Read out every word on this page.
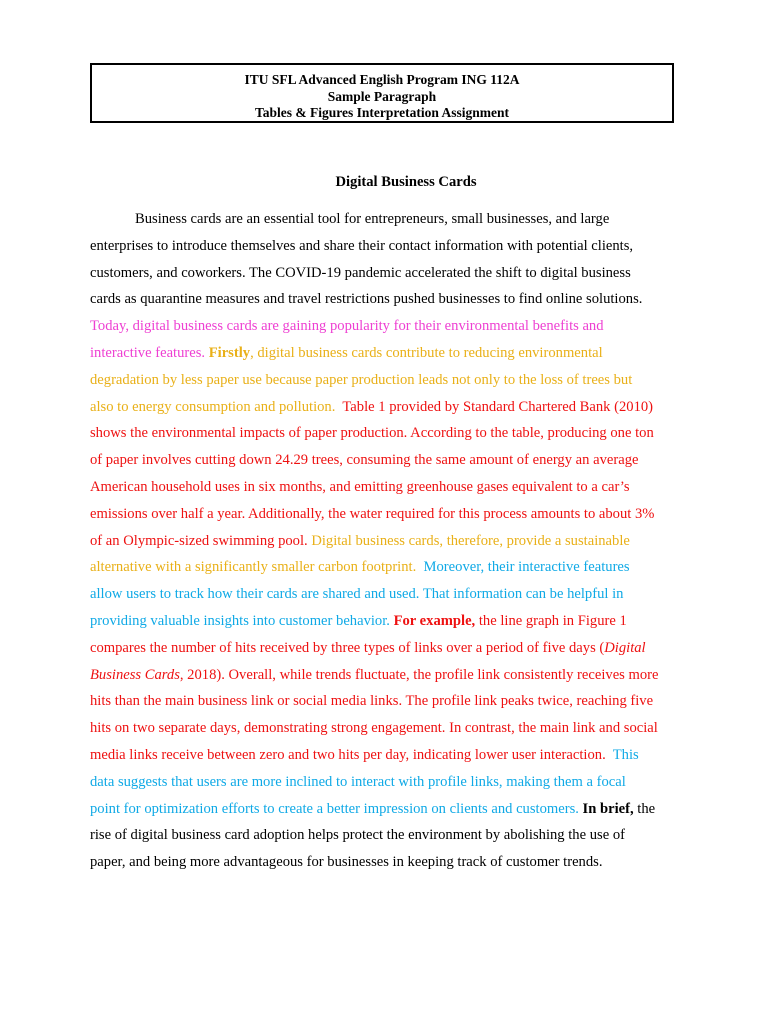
ITU SFL Advanced English Program ING 112A
Sample Paragraph
Tables & Figures Interpretation Assignment
Digital Business Cards

Business cards are an essential tool for entrepreneurs, small businesses, and large
enterprises to introduce themselves and share their contact information with potential clients,
customers, and coworkers. The COVID-19 pandemic accelerated the shift to digital business
cards as quarantine measures and travel restrictions pushed businesses to find online solutions.
Today, digital business cards are gaining popularity for their environmental benefits and
interactive features. Firstly, digital business cards contribute to reducing environmental
degradation by less paper use because paper production leads not only to the loss of trees but
also to energy consumption and pollution.  Table 1 provided by Standard Chartered Bank (2010)
shows the environmental impacts of paper production. According to the table, producing one ton
of paper involves cutting down 24.29 trees, consuming the same amount of energy an average
American household uses in six months, and emitting greenhouse gases equivalent to a car’s
emissions over half a year. Additionally, the water required for this process amounts to about 3%
of an Olympic-sized swimming pool. Digital business cards, therefore, provide a sustainable
alternative with a significantly smaller carbon footprint.  Moreover, their interactive features
allow users to track how their cards are shared and used. That information can be helpful in
providing valuable insights into customer behavior. For example, the line graph in Figure 1
compares the number of hits received by three types of links over a period of five days (Digital
Business Cards, 2018). Overall, while trends fluctuate, the profile link consistently receives more
hits than the main business link or social media links. The profile link peaks twice, reaching five
hits on two separate days, demonstrating strong engagement. In contrast, the main link and social
media links receive between zero and two hits per day, indicating lower user interaction.  This
data suggests that users are more inclined to interact with profile links, making them a focal
point for optimization efforts to create a better impression on clients and customers. In brief, the
rise of digital business card adoption helps protect the environment by abolishing the use of
paper, and being more advantageous for businesses in keeping track of customer trends.
